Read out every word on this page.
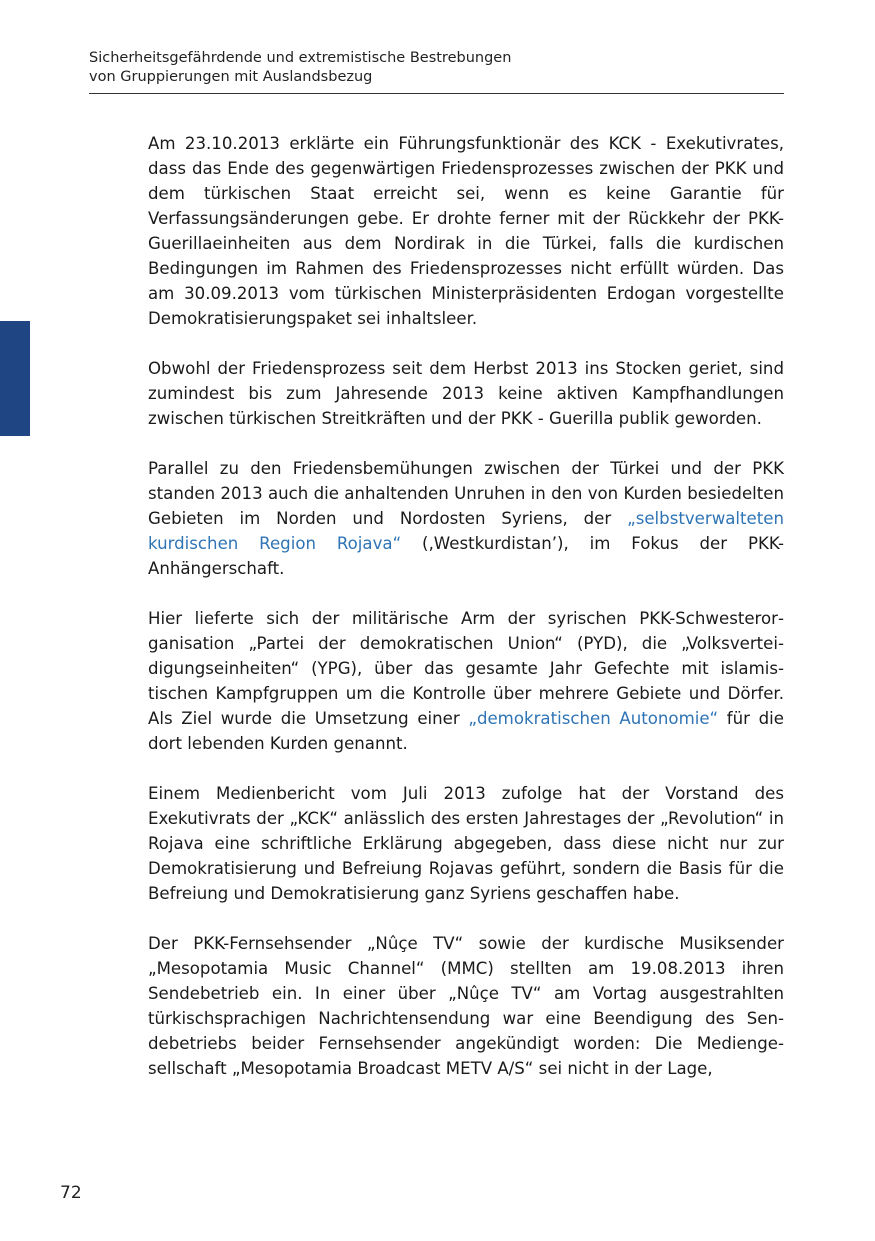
Sicherheitsgefährdende und extremistische Bestrebungen
von Gruppierungen mit Auslandsbezug

Am 23.10.2013 erklärte ein Führungsfunktionär des KCK - Exekutivrates, dass das Ende des gegenwärtigen Friedensprozesses zwischen der PKK und dem türkischen Staat erreicht sei, wenn es keine Garantie für Verfassungsänderungen gebe. Er drohte ferner mit der Rückkehr der PKK-Guerillaeinheiten aus dem Nordirak in die Türkei, falls die kurdischen Bedingungen im Rahmen des Friedensprozesses nicht erfüllt würden. Das am 30.09.2013 vom türkischen Ministerpräsidenten Erdogan vorgestellte Demokratisierungspaket sei inhaltsleer.

Obwohl der Friedensprozess seit dem Herbst 2013 ins Stocken geriet, sind zumindest bis zum Jahresende 2013 keine aktiven Kampfhandlungen zwischen türkischen Streitkräften und der PKK - Guerilla publik geworden.

Parallel zu den Friedensbemühungen zwischen der Türkei und der PKK standen 2013 auch die anhaltenden Unruhen in den von Kurden besiedelten Gebieten im Norden und Nordosten Syriens, der „selbstverwalteten kurdischen Region Rojava“ (‚Westkurdistan’), im Fokus der PKK-Anhängerschaft.

Hier lieferte sich der militärische Arm der syrischen PKK-Schwesterorganisation „Partei der demokratischen Union“ (PYD), die „Volksverteidigungseinheiten“ (YPG), über das gesamte Jahr Gefechte mit islamistischen Kampfgruppen um die Kontrolle über mehrere Gebiete und Dörfer. Als Ziel wurde die Umsetzung einer „demokratischen Autonomie“ für die dort lebenden Kurden genannt.

Einem Medienbericht vom Juli 2013 zufolge hat der Vorstand des Exekutivrats der „KCK“ anlässlich des ersten Jahrestages der „Revolution“ in Rojava eine schriftliche Erklärung abgegeben, dass diese nicht nur zur Demokratisierung und Befreiung Rojavas geführt, sondern die Basis für die Befreiung und Demokratisierung ganz Syriens geschaffen habe.

Der PKK-Fernsehsender „Nûçe TV“ sowie der kurdische Musiksender „Mesopotamia Music Channel“ (MMC) stellten am 19.08.2013 ihren Sendebetrieb ein. In einer über „Nûçe TV“ am Vortag ausgestrahlten türkischsprachigen Nachrichtensendung war eine Beendigung des Sendebetriebs beider Fernsehsender angekündigt worden: Die Mediengesellschaft „Mesopotamia Broadcast METV A/S“ sei nicht in der Lage,

72
